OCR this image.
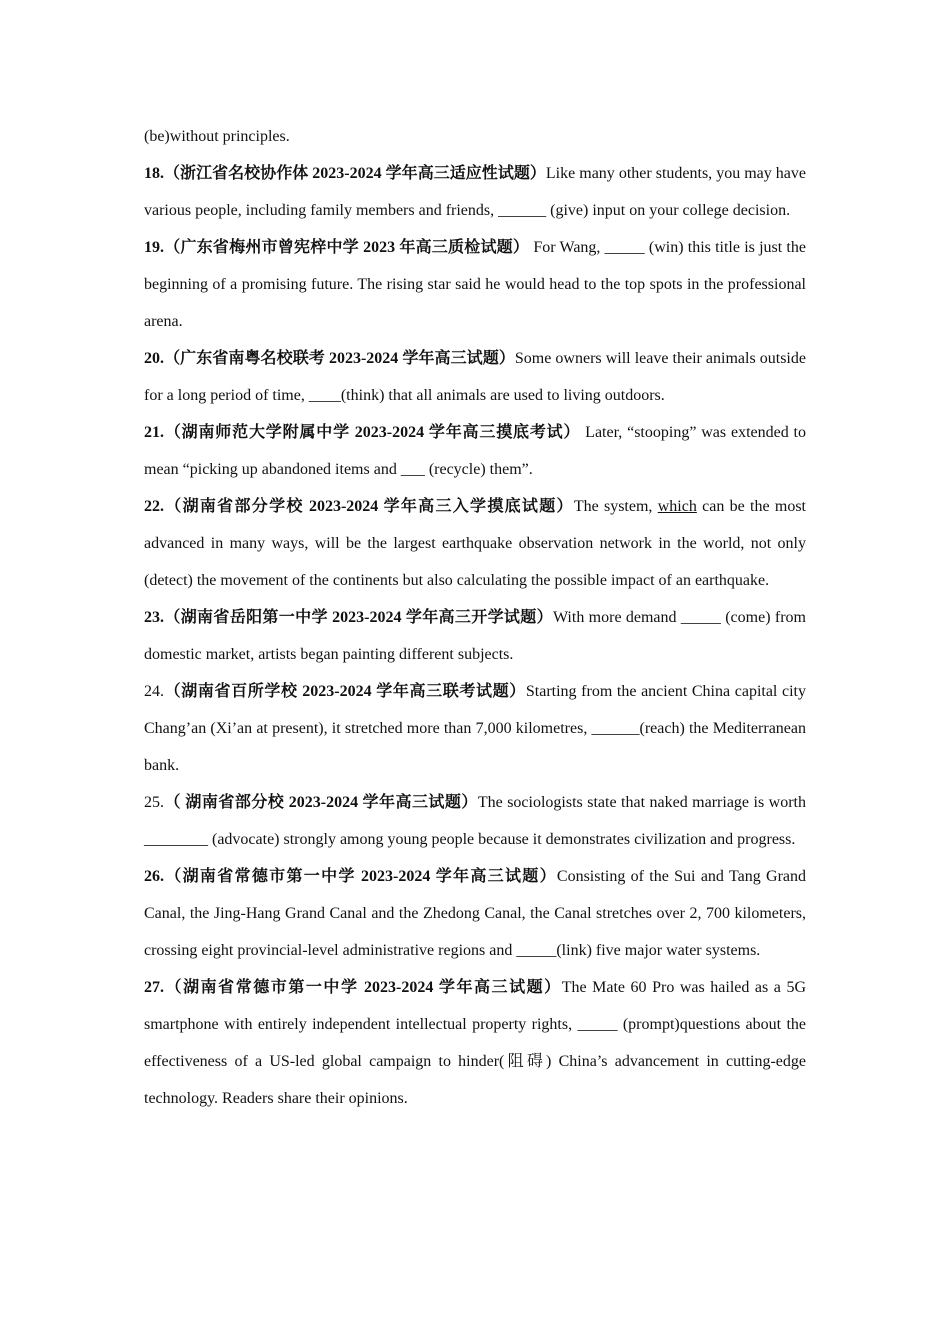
(be)without principles.

18.（浙江省名校协作体 2023-2024 学年高三适应性试题）Like many other students, you may have various people, including family members and friends, ______ (give) input on your college decision.

19.（广东省梅州市曾宪梓中学 2023 年高三质检试题） For Wang, _____ (win) this title is just the beginning of a promising future. The rising star said he would head to the top spots in the professional arena.

20.（广东省南粤名校联考 2023-2024 学年高三试题）Some owners will leave their animals outside for a long period of time, ____(think) that all animals are used to living outdoors.

21.（湖南师范大学附属中学 2023-2024 学年高三摸底考试） Later, “stooping” was extended to mean “picking up abandoned items and ___ (recycle) them”.

22.（湖南省部分学校 2023-2024 学年高三入学摸底试题）The system, which can be the most advanced in many ways, will be the largest earthquake observation network in the world, not only (detect) the movement of the continents but also calculating the possible impact of an earthquake.

23.（湖南省岳阳第一中学 2023-2024 学年高三开学试题）With more demand _____ (come) from domestic market, artists began painting different subjects.

24.（湖南省百所学校 2023-2024 学年高三联考试题）Starting from the ancient China capital city Chang’an (Xi’an at present), it stretched more than 7,000 kilometres, ______(reach) the Mediterranean bank.

25.（ 湖南省部分校 2023-2024 学年高三试题）The sociologists state that naked marriage is worth ________ (advocate) strongly among young people because it demonstrates civilization and progress.

26.（湖南省常德市第一中学 2023-2024 学年高三试题）Consisting of the Sui and Tang Grand Canal, the Jing-Hang Grand Canal and the Zhedong Canal, the Canal stretches over 2, 700 kilometers, crossing eight provincial-level administrative regions and _____(link) five major water systems.

27.（湖南省常德市第一中学 2023-2024 学年高三试题）The Mate 60 Pro was hailed as a 5G smartphone with entirely independent intellectual property rights, _____ (prompt)questions about the effectiveness of a US-led global campaign to hinder(阻碍) China’s advancement in cutting-edge technology. Readers share their opinions.
